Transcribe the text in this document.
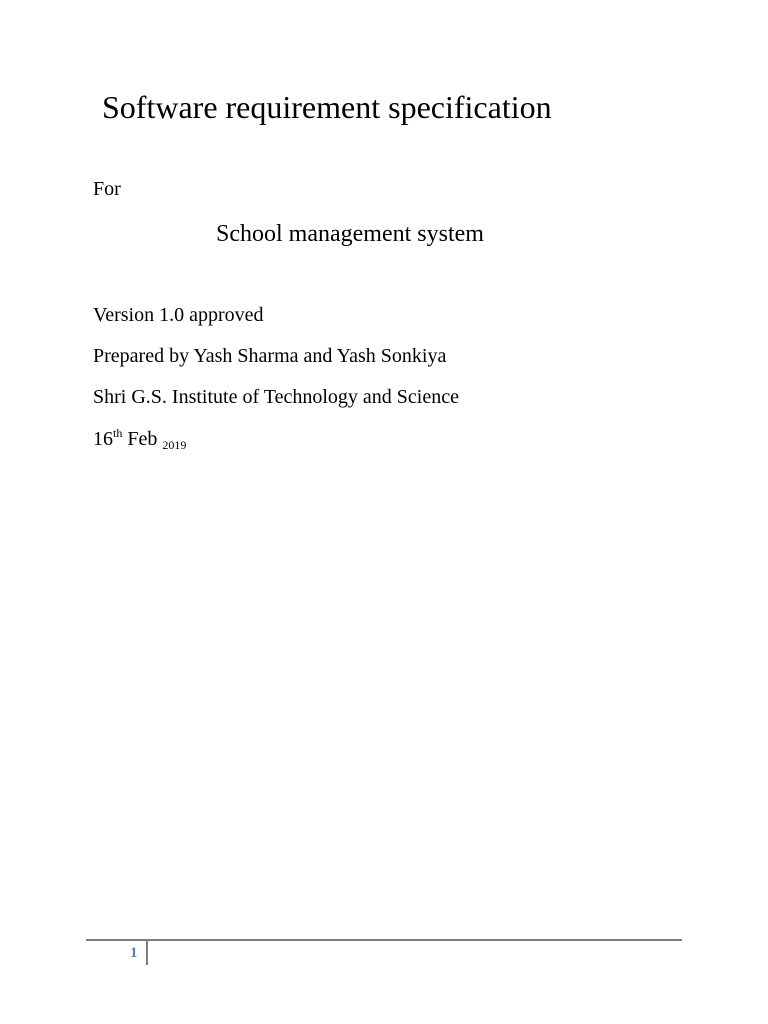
Software requirement specification
For
School management system
Version 1.0 approved
Prepared by Yash Sharma and Yash Sonkiya
Shri G.S. Institute of Technology and Science
16th Feb $_{2019}$
1
